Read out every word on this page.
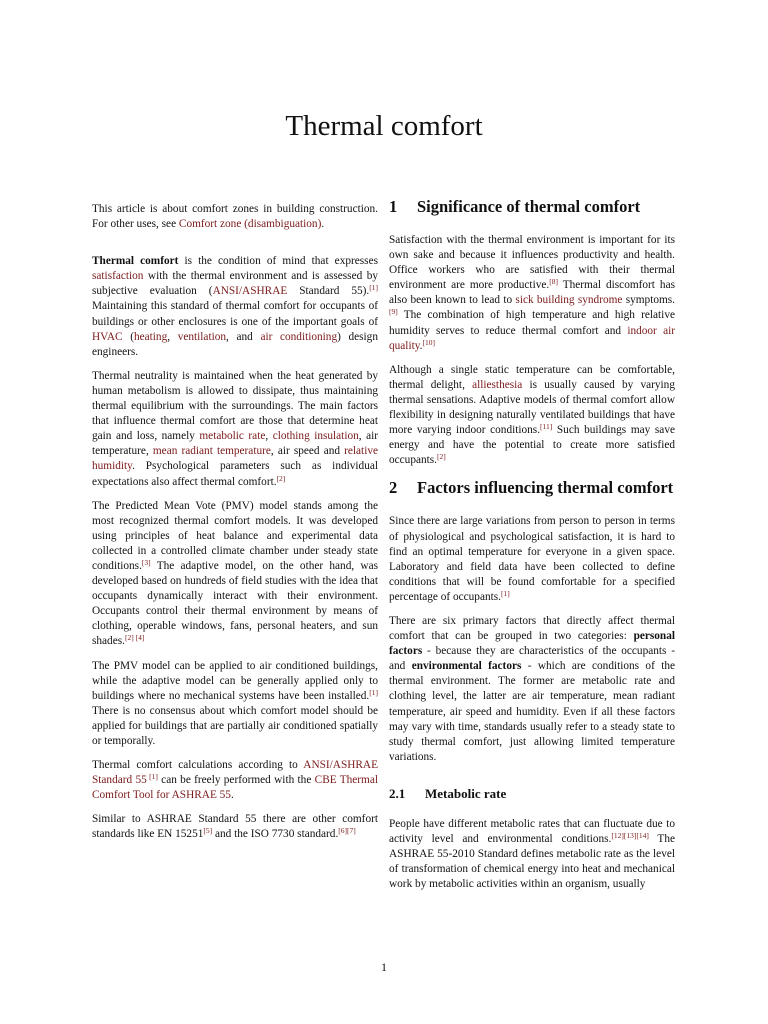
Thermal comfort

This article is about comfort zones in building construction. For other uses, see Comfort zone (disambiguation).

Thermal comfort is the condition of mind that expresses satisfaction with the thermal environment and is assessed by subjective evaluation (ANSI/ASHRAE Standard 55).[1] Maintaining this standard of thermal comfort for occupants of buildings or other enclosures is one of the important goals of HVAC (heating, ventilation, and air conditioning) design engineers.

Thermal neutrality is maintained when the heat generated by human metabolism is allowed to dissipate, thus maintaining thermal equilibrium with the surroundings. The main factors that influence thermal comfort are those that determine heat gain and loss, namely metabolic rate, clothing insulation, air temperature, mean radiant temperature, air speed and relative humidity. Psychological parameters such as individual expectations also affect thermal comfort.[2]

The Predicted Mean Vote (PMV) model stands among the most recognized thermal comfort models. It was developed using principles of heat balance and experimental data collected in a controlled climate chamber under steady state conditions.[3] The adaptive model, on the other hand, was developed based on hundreds of field studies with the idea that occupants dynamically interact with their environment. Occupants control their thermal environment by means of clothing, operable windows, fans, personal heaters, and sun shades.[2] [4]

The PMV model can be applied to air conditioned buildings, while the adaptive model can be generally applied only to buildings where no mechanical systems have been installed.[1] There is no consensus about which comfort model should be applied for buildings that are partially air conditioned spatially or temporally.

Thermal comfort calculations according to ANSI/ASHRAE Standard 55 [1] can be freely performed with the CBE Thermal Comfort Tool for ASHRAE 55.

Similar to ASHRAE Standard 55 there are other comfort standards like EN 15251[5] and the ISO 7730 standard.[6][7]

1	Significance of thermal comfort

Satisfaction with the thermal environment is important for its own sake and because it influences productivity and health. Office workers who are satisfied with their thermal environment are more productive.[8] Thermal discomfort has also been known to lead to sick building syndrome symptoms.[9] The combination of high temperature and high relative humidity serves to reduce thermal comfort and indoor air quality.[10]

Although a single static temperature can be comfortable, thermal delight, alliesthesia is usually caused by varying thermal sensations. Adaptive models of thermal comfort allow flexibility in designing naturally ventilated buildings that have more varying indoor conditions.[11] Such buildings may save energy and have the potential to create more satisfied occupants.[2]

2	Factors influencing thermal comfort

Since there are large variations from person to person in terms of physiological and psychological satisfaction, it is hard to find an optimal temperature for everyone in a given space. Laboratory and field data have been collected to define conditions that will be found comfortable for a specified percentage of occupants.[1]

There are six primary factors that directly affect thermal comfort that can be grouped in two categories: personal factors - because they are characteristics of the occupants - and environmental factors - which are conditions of the thermal environment. The former are metabolic rate and clothing level, the latter are air temperature, mean radiant temperature, air speed and humidity. Even if all these factors may vary with time, standards usually refer to a steady state to study thermal comfort, just allowing limited temperature variations.

2.1	Metabolic rate

People have different metabolic rates that can fluctuate due to activity level and environmental conditions.[12][13][14] The ASHRAE 55-2010 Standard defines metabolic rate as the level of transformation of chemical energy into heat and mechanical work by metabolic activities within an organism, usually

1
